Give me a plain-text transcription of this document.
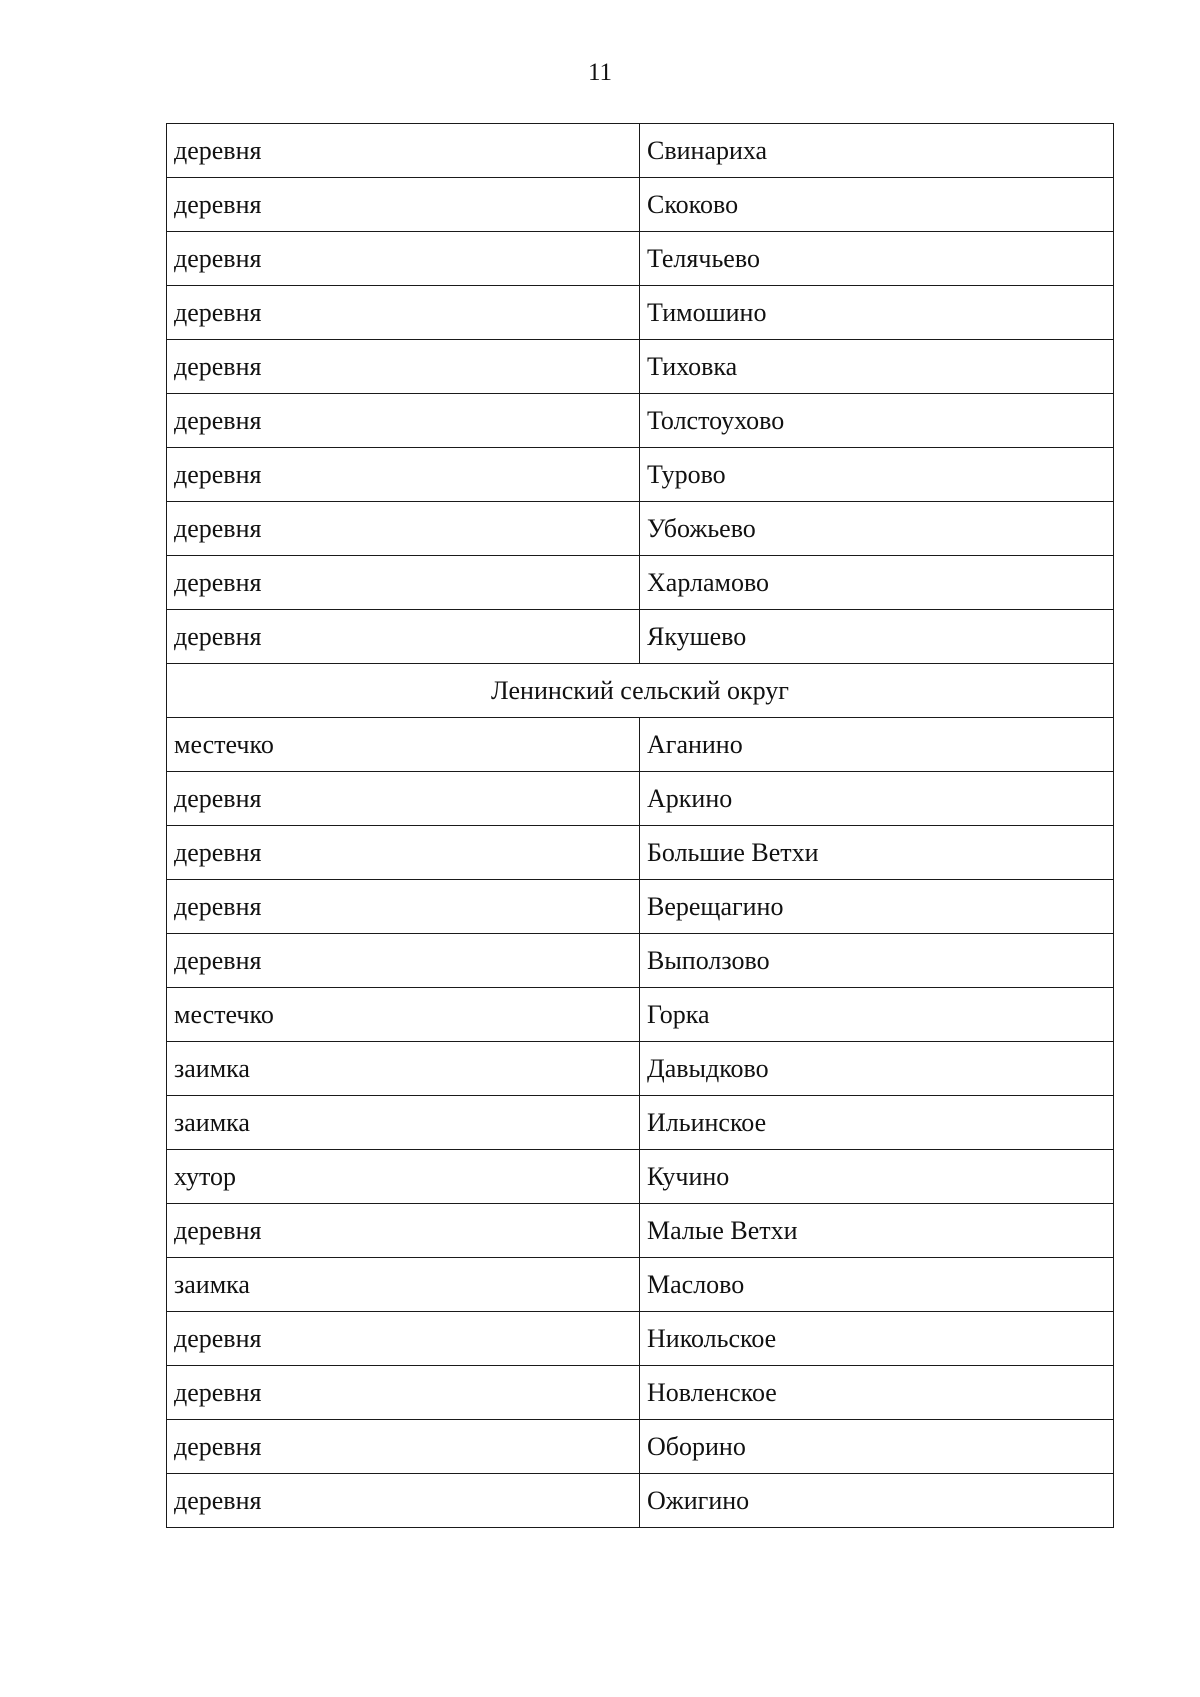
11
деревня	Свинариха
деревня	Скоково
деревня	Телячьево
деревня	Тимошино
деревня	Тиховка
деревня	Толстоухово
деревня	Турово
деревня	Убожьево
деревня	Харламово
деревня	Якушево
Ленинский сельский округ	
местечко	Аганино
деревня	Аркино
деревня	Большие Ветхи
деревня	Верещагино
деревня	Выползово
местечко	Горка
заимка	Давыдково
заимка	Ильинское
хутор	Кучино
деревня	Малые Ветхи
заимка	Маслово
деревня	Никольское
деревня	Новленское
деревня	Оборино
деревня	Ожигино
